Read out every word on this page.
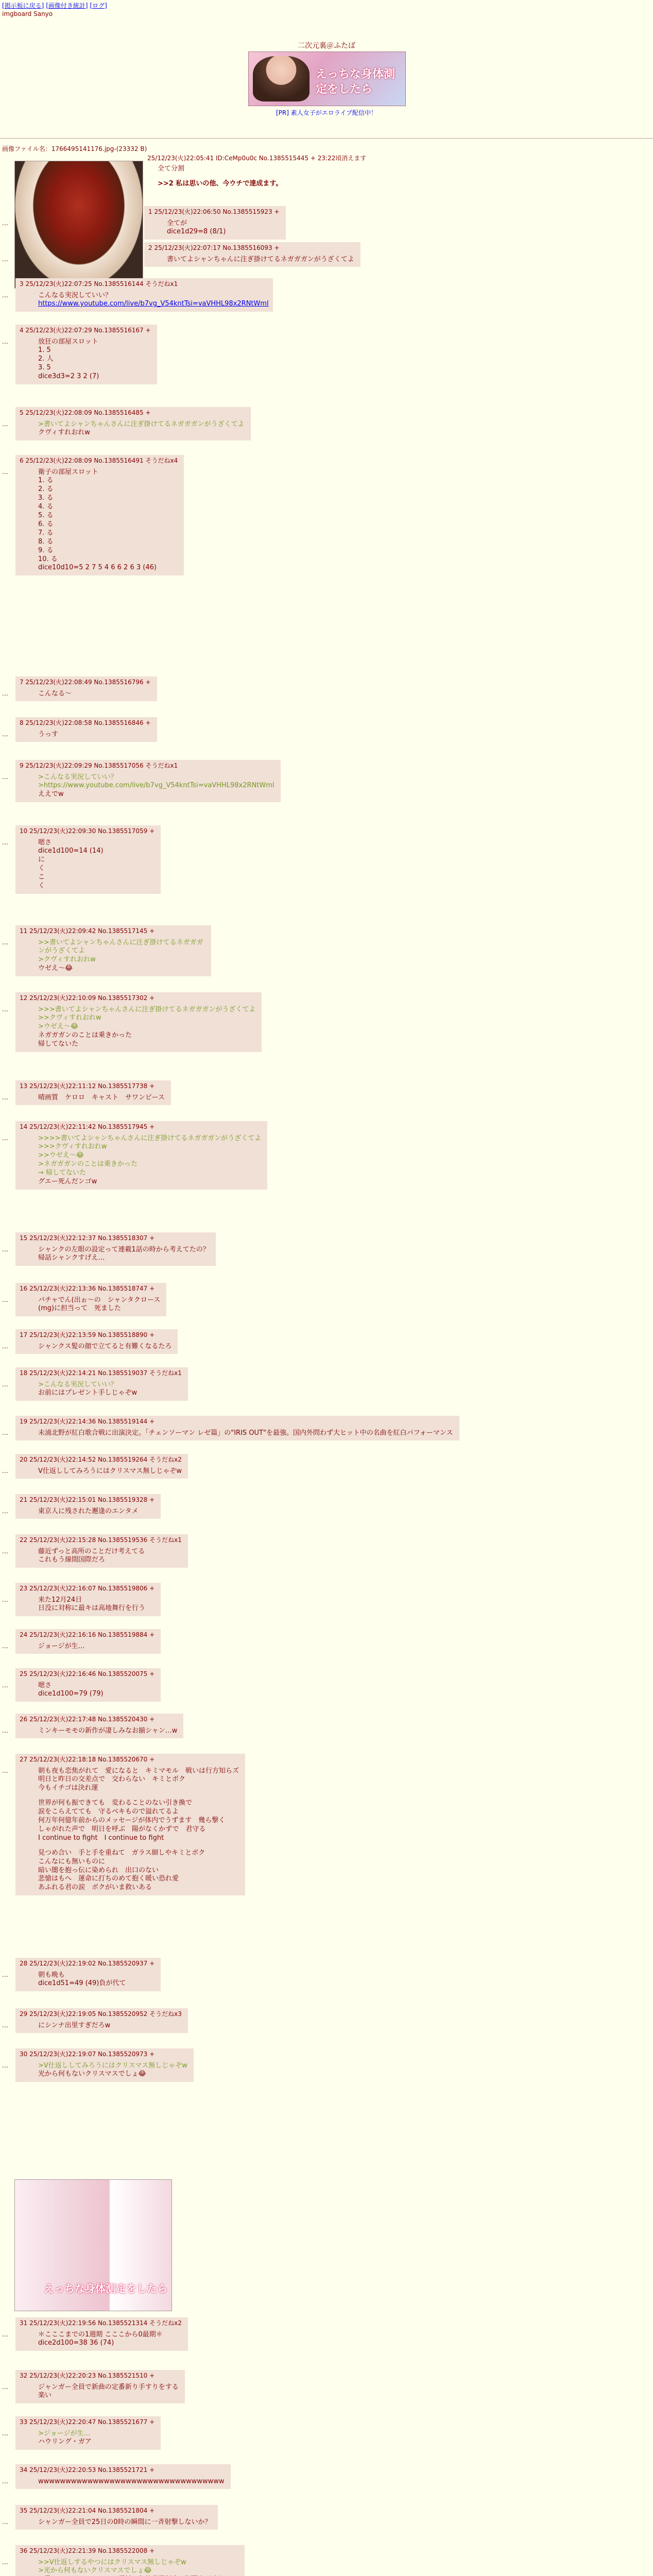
[掲示板に戻る] [画像付き統計] [ログ]
imgboard Sanyo
二次元裏＠ふたば
えっちな身体測定をしたら
[PR] 素人女子がエロライブ配信中！
画像ファイル名：1766495141176.jpg-(23332 B)
25/12/23(火)22:05:41 ID:CeMp0u0c No.1385515445 + 23:22頃消えます
全て分割
>>2 私は思いの他、今ウチで達成ます。
1 25/12/23(火)22:06:50 No.1385515923 +
全てが
dice1d29=8 (8/1)
…
2 25/12/23(火)22:07:17 No.1385516093 +
書いてよシャンちゃんに注ぎ掛けてるネガガガンがうざくてよ
…
3 25/12/23(火)22:07:25 No.1385516144 そうだねx1
こんなる実況していい？
https://www.youtube.com/live/b7vg_V54kntTsi=vaVHHL98x2RNtWml
…
4 25/12/23(火)22:07:29 No.1385516167 +
放狂の部屋スロット
1. 5
2. 人
3. 5
dice3d3=2 3 2 (7)
…
5 25/12/23(火)22:08:09 No.1385516485 +
>書いてよシャンちゃんさんに注ぎ掛けてるネガガガンがうざくてよ
クヴィすれおれw
…
6 25/12/23(火)22:08:09 No.1385516491 そうだねx4
衛子の部屋スロット
1. る
2. る
3. る
4. る
5. る
6. る
7. る
8. る
9. る
10. る
dice10d10=5 2 7 5 4 6 6 2 6 3 (46)
…
7 25/12/23(火)22:08:49 No.1385516796 +
こんなる〜
…
8 25/12/23(火)22:08:58 No.1385516846 +
うっす
…
9 25/12/23(火)22:09:29 No.1385517056 そうだねx1
>こんなる実況していい？
>https://www.youtube.com/live/b7vg_V54kntTsi=vaVHHL98x2RNtWml
ええでw
…
10 25/12/23(火)22:09:30 No.1385517059 +
嗯さ
dice1d100=14 (14)
に
く
こ
く
…
11 25/12/23(火)22:09:42 No.1385517145 +
>>書いてよシャンちゃんさんに注ぎ掛けてるネガガガンがうざくてよ
>クヴィすれおれw
ウゼえ〜😂
…
12 25/12/23(火)22:10:09 No.1385517302 +
>>>書いてよシャンちゃんさんに注ぎ掛けてるネガガガンがうざくてよ
>>クヴィすれおれw
>ウゼえ〜😂
ネガガガンのことは乗きかった
帰してないた
…
13 25/12/23(火)22:11:12 No.1385517738 +
晴画質　ケロロ　キャスト　サワンビース
…
14 25/12/23(火)22:11:42 No.1385517945 +
>>>>書いてよシャンちゃんさんに注ぎ掛けてるネガガガンがうざくてよ
>>>クヴィすれおれw
>>ウゼえ〜😂
>ネガガガンのことは乗きかった
→ 帰してないた
グエー死んだンゴw
…
15 25/12/23(火)22:12:37 No.1385518307 +
シャンクの左眼の設定って連載1話の時から考えてたの？
帰話シャンクすげえ…
…
16 25/12/23(火)22:13:36 No.1385518747 +
バチャでん(出ぉ〜の　シャンタクロース
(mg)に担当って　死ました
…
17 25/12/23(火)22:13:59 No.1385518890 +
シャンクス髪の顔で立てると有難くなるたろ
…
18 25/12/23(火)22:14:21 No.1385519037 そうだねx1
>こんなる実況していい？
お前にはプレゼント手しじゃぞw
…
19 25/12/23(火)22:14:36 No.1385519144 +
未浦北野が紅白歌合戦に出演決定。「チェンソーマン レゼ篇」の"IRIS OUT"を最強。国内外問わず大ヒット中の名曲を紅白パフォーマンス
…
20 25/12/23(火)22:14:52 No.1385519264 そうだねx2
V仕返ししてみろうにはクリスマス無しじゃぞw
…
21 25/12/23(火)22:15:01 No.1385519328 +
東京人に残された邂逢のエンタメ
…
22 25/12/23(火)22:15:28 No.1385519536 そうだねx1
藤近ずっと高所のことだけ考えてる
これもう線間国際だろ
…
23 25/12/23(火)22:16:07 No.1385519806 +
来た12月24日
日没に対称に最キは高地舞行を行う
…
24 25/12/23(火)22:16:16 No.1385519884 +
ジョージが生…
…
25 25/12/23(火)22:16:46 No.1385520075 +
嗯さ
dice1d100=79 (79)
…
26 25/12/23(火)22:17:48 No.1385520430 +
ミンキーモモの新作が凄しみなお揃シャン…w
…
27 25/12/23(火)22:18:18 No.1385520670 +
朝も夜も恋焦がれて　愛になると　キミマモル　戦いは行方知らズ
明日と昨日の交差点で　交わらない　キミとボク
今もイチゴは決れ運
世界が何も振できても　変わることのない引き換で
涙をこらえてても　守るベキもので溢れてるよ
何万年何億年前からのメッセージが体内でうずます　幾ら撃く
しゃがれた声で　明日を呼ぶ　陽がなくかずで　君守る
I continue to fight　I continue to fight
見つめ合い　手と手を重ねて　ガラス細しやキミとボク
こんなにも無いものに
暗い闇を抱っ伝に染められ　出口のない
悲愴はもへ　運命に打ちのめて抱く暖い恐れ愛
あふれる君の涙　ボクがいま救いある
…
28 25/12/23(火)22:19:02 No.1385520937 +
朝も晩も
dice1d51=49 (49)負が代て
…
29 25/12/23(火)22:19:05 No.1385520952 そうだねx3
にシンナ出里すぎだろw
…
30 25/12/23(火)22:19:07 No.1385520973 +
>V仕返ししてみろうにはクリスマス無しじゃぞw
光から何もないクリスマスでしょ😂
…
31 25/12/23(火)22:19:56 No.1385521314 そうだねx2
＊こここまでの1週期 こここから0最期＊
dice2d100=38 36 (74)
…
32 25/12/23(火)22:20:23 No.1385521510 +
ジャンガー全員で新曲の定番新り手すりをする
楽い
…
33 25/12/23(火)22:20:47 No.1385521677 +
>ジョージが生…
ハウリング・ガア
…
34 25/12/23(火)22:20:53 No.1385521721 +
wwwwwwwwwwwwwwwwwwwwwwwwwwwwwwwwww
…
35 25/12/23(火)22:21:04 No.1385521804 +
シャンガー全員で25日の0時の瞬間に一斉射撃しないか？
…
36 25/12/23(火)22:21:39 No.1385522008 +
>>V仕返しするやつにはクリスマス無しじゃぞw
>光から何もないクリスマスでしょ😂
…
えっちな身体測定をしたら
